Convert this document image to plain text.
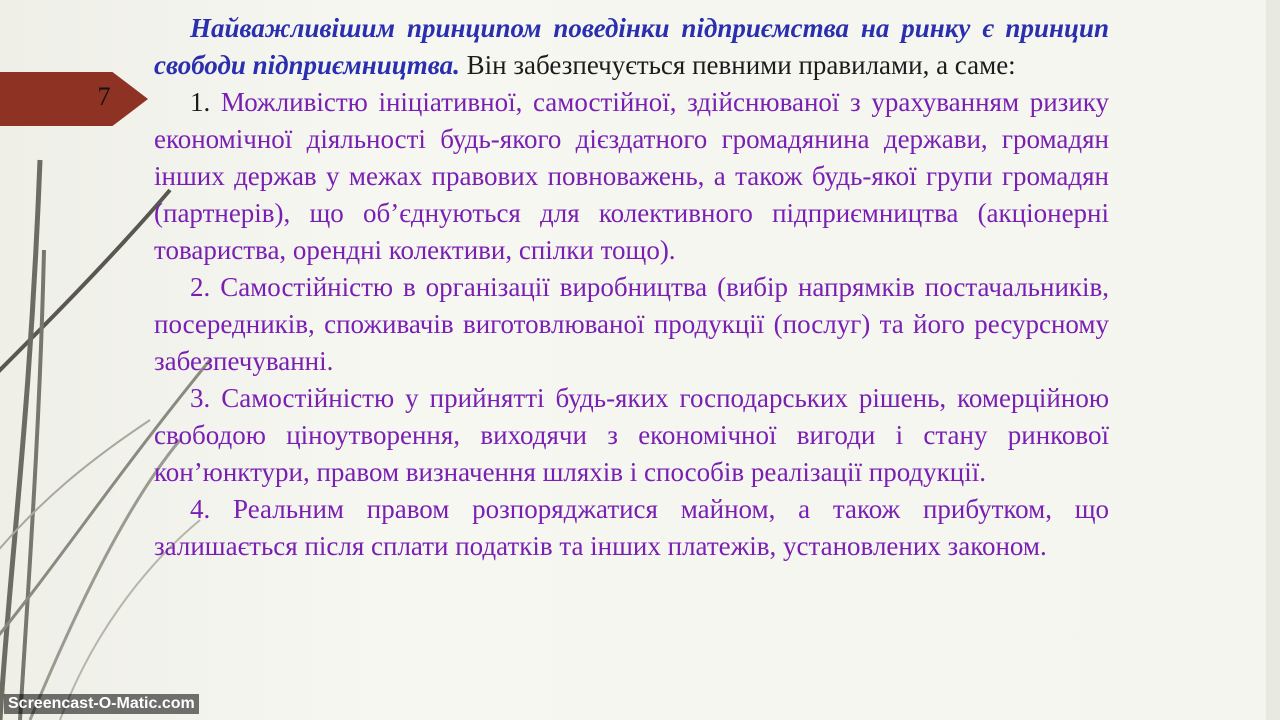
7

Найважливішим принципом поведінки підприємства на ринку є принцип свободи підприємництва. Він забезпечується певними правилами, а саме:

1. Можливістю ініціативної, самостійної, здійснюваної з урахуванням ризику економічної діяльності будь-якого дієздатного громадянина держави, громадян інших держав у межах правових повноважень, а також будь-якої групи громадян (партнерів), що об’єднуються для колективного підприємництва (акціонерні товариства, орендні колективи, спілки тощо).

2. Самостійністю в організації виробництва (вибір напрямків постачальників, посередників, споживачів виготовлюваної продукції (послуг) та його ресурсному забезпечуванні.

3. Самостійністю у прийнятті будь-яких господарських рішень, комерційною свободою ціноутворення, виходячи з економічної вигоди і стану ринкової кон’юнктури, правом визначення шляхів і способів реалізації продукції.

4. Реальним правом розпоряджатися майном, а також прибутком, що залишається після сплати податків та інших платежів, установлених законом.

Screencast-O-Matic.com
